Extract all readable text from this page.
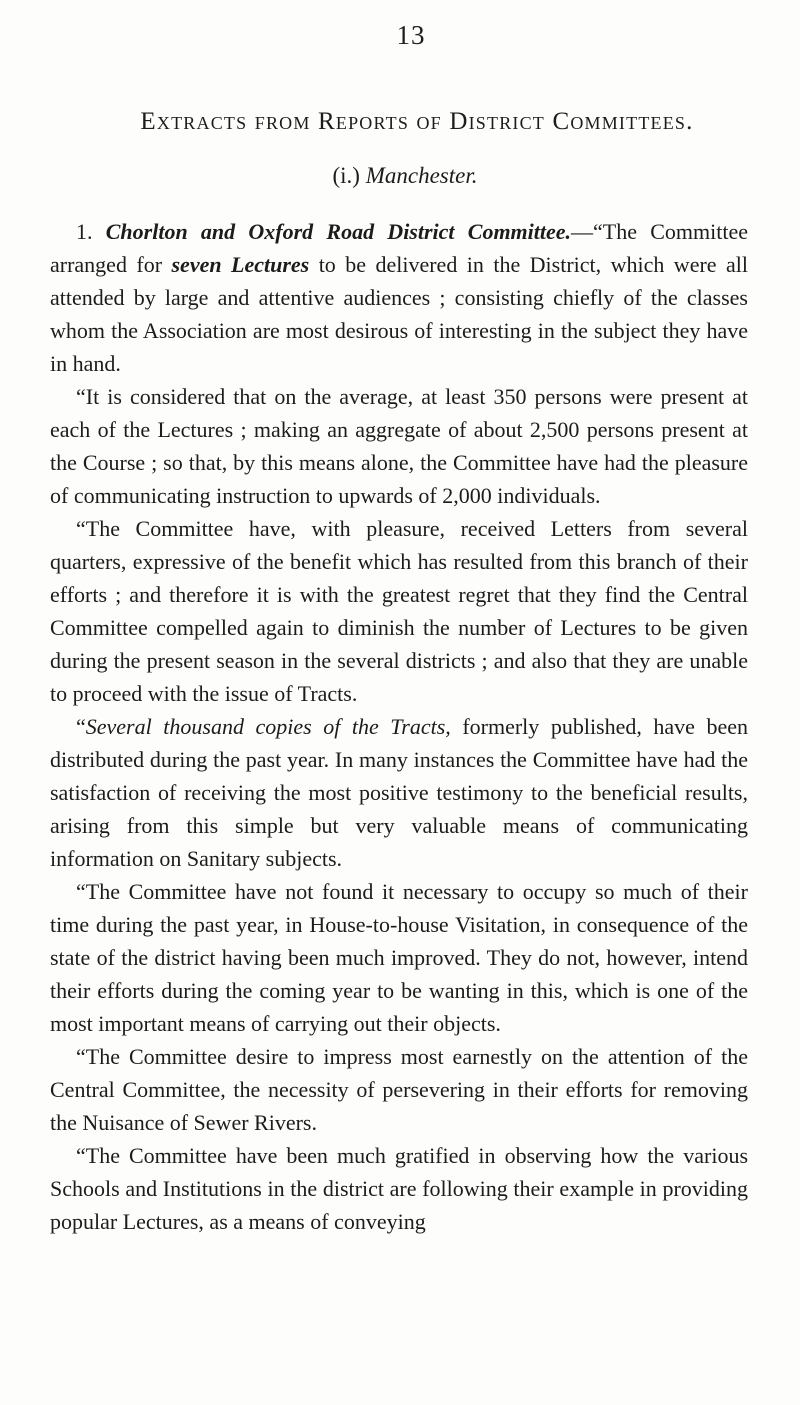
13
Extracts from Reports of District Committees.
(i.) Manchester.

1. Chorlton and Oxford Road District Committee.—“The Committee arranged for seven Lectures to be delivered in the District, which were all attended by large and attentive audiences ; consisting chiefly of the classes whom the Association are most desirous of interesting in the subject they have in hand.

“It is considered that on the average, at least 350 persons were present at each of the Lectures ; making an aggregate of about 2,500 persons present at the Course ; so that, by this means alone, the Committee have had the pleasure of communicating instruction to upwards of 2,000 individuals.

“The Committee have, with pleasure, received Letters from several quarters, expressive of the benefit which has resulted from this branch of their efforts ; and therefore it is with the greatest regret that they find the Central Committee compelled again to diminish the number of Lectures to be given during the present season in the several districts ; and also that they are unable to proceed with the issue of Tracts.

“Several thousand copies of the Tracts, formerly published, have been distributed during the past year. In many instances the Committee have had the satisfaction of receiving the most positive testimony to the beneficial results, arising from this simple but very valuable means of communicating information on Sanitary subjects.

“The Committee have not found it necessary to occupy so much of their time during the past year, in House-to-house Visitation, in consequence of the state of the district having been much improved. They do not, however, intend their efforts during the coming year to be wanting in this, which is one of the most important means of carrying out their objects.

“The Committee desire to impress most earnestly on the attention of the Central Committee, the necessity of persevering in their efforts for removing the Nuisance of Sewer Rivers.

“The Committee have been much gratified in observing how the various Schools and Institutions in the district are following their example in providing popular Lectures, as a means of conveying
